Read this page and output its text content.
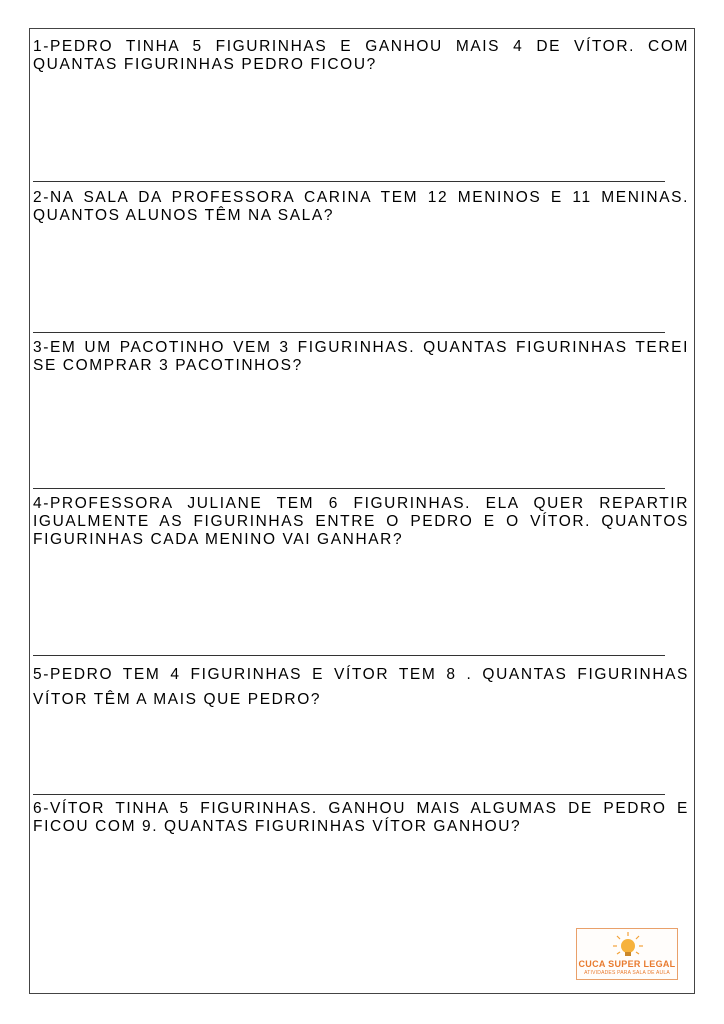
1-PEDRO TINHA 5 FIGURINHAS E GANHOU MAIS 4 DE VÍTOR. COM QUANTAS FIGURINHAS PEDRO FICOU?
2-NA SALA DA PROFESSORA CARINA TEM 12 MENINOS E 11 MENINAS. QUANTOS ALUNOS TÊM NA SALA?
3-EM UM PACOTINHO VEM 3 FIGURINHAS. QUANTAS FIGURINHAS TEREI SE COMPRAR 3 PACOTINHOS?
4-PROFESSORA JULIANE TEM 6 FIGURINHAS. ELA QUER REPARTIR IGUALMENTE AS FIGURINHAS ENTRE O PEDRO E O VÍTOR. QUANTOS FIGURINHAS CADA MENINO VAI GANHAR?
5-PEDRO TEM 4 FIGURINHAS E VÍTOR TEM 8 . QUANTAS FIGURINHAS VÍTOR TÊM A MAIS QUE PEDRO?
6-VÍTOR TINHA 5 FIGURINHAS. GANHOU MAIS ALGUMAS DE PEDRO E FICOU COM 9. QUANTAS FIGURINHAS VÍTOR GANHOU?
CUCA SUPER LEGAL
ATIVIDADES PARA SALA DE AULA
